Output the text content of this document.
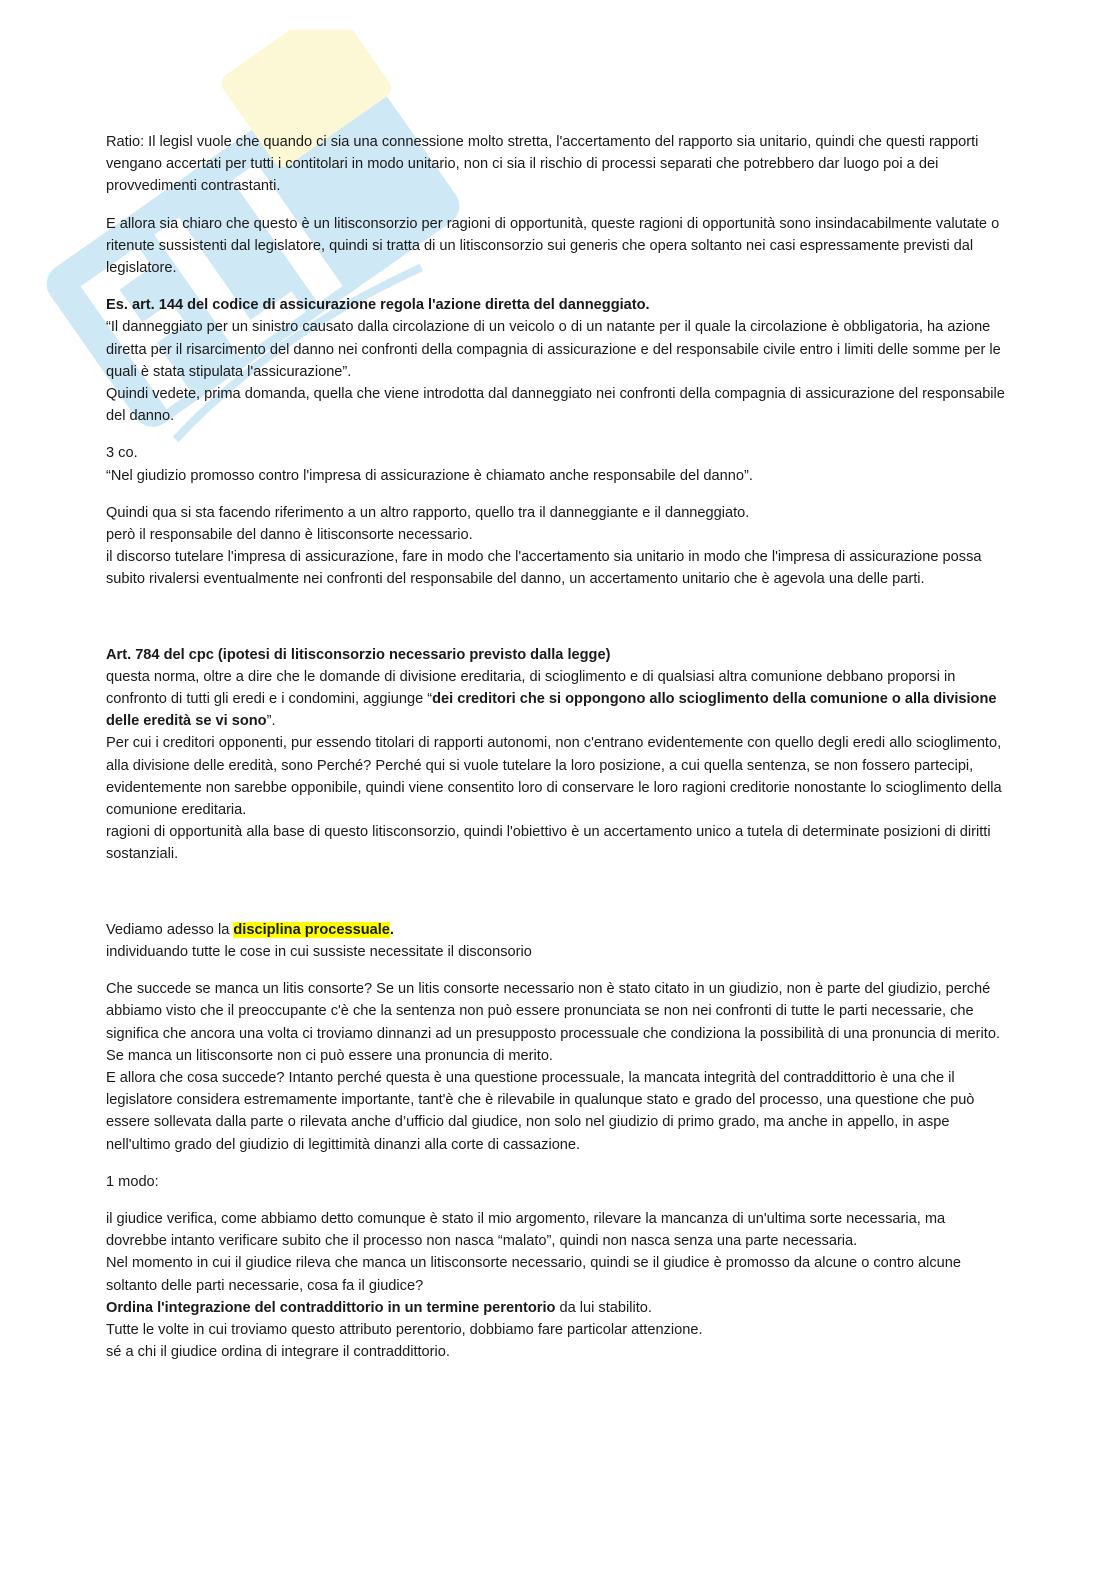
Ratio: Il legisl vuole che quando ci sia una connessione molto stretta, l'accertamento del rapporto sia unitario, quindi che questi rapporti vengano accertati per tutti i contitolari in modo unitario, non ci sia il rischio di processi separati che potrebbero dar luogo poi a dei provvedimenti contrastanti.

E allora sia chiaro che questo è un litisconsorzio per ragioni di opportunità, queste ragioni di opportunità sono insindacabilmente valutate o ritenute sussistenti dal legislatore, quindi si tratta di un litisconsorzio sui generis che opera soltanto nei casi espressamente previsti dal legislatore.

Es. art. 144 del codice di assicurazione regola l'azione diretta del danneggiato.
“Il danneggiato per un sinistro causato dalla circolazione di un veicolo o di un natante per il quale la circolazione è obbligatoria, ha azione diretta per il risarcimento del danno nei confronti della compagnia di assicurazione e del responsabile civile entro i limiti delle somme per le quali è stata stipulata l'assicurazione”.
Quindi vedete, prima domanda, quella che viene introdotta dal danneggiato nei confronti della compagnia di assicurazione del responsabile del danno.

3 co.
“Nel giudizio promosso contro l'impresa di assicurazione è chiamato anche responsabile del danno”.

Quindi qua si sta facendo riferimento a un altro rapporto, quello tra il danneggiante e il danneggiato.
però il responsabile del danno è litisconsorte necessario.
il discorso tutelare l'impresa di assicurazione, fare in modo che l'accertamento sia unitario in modo che l'impresa di assicurazione possa subito rivalersi eventualmente nei confronti del responsabile del danno, un accertamento unitario che è agevola una delle parti.

Art. 784 del cpc (ipotesi di litisconsorzio necessario previsto dalla legge)
questa norma, oltre a dire che le domande di divisione ereditaria, di scioglimento e di qualsiasi altra comunione debbano proporsi in confronto di tutti gli eredi e i condomini, aggiunge “dei creditori che si oppongono allo scioglimento della comunione o alla divisione delle eredità se vi sono”.
Per cui i creditori opponenti, pur essendo titolari di rapporti autonomi, non c'entrano evidentemente con quello degli eredi allo scioglimento, alla divisione delle eredità, sono Perché? Perché qui si vuole tutelare la loro posizione, a cui quella sentenza, se non fossero partecipi, evidentemente non sarebbe opponibile, quindi viene consentito loro di conservare le loro ragioni creditorie nonostante lo scioglimento della comunione ereditaria.
ragioni di opportunità alla base di questo litisconsorzio, quindi l'obiettivo è un accertamento unico a tutela di determinate posizioni di diritti sostanziali.

Vediamo adesso la disciplina processuale.
individuando tutte le cose in cui sussiste necessitate il disconsorio

Che succede se manca un litis consorte? Se un litis consorte necessario non è stato citato in un giudizio, non è parte del giudizio, perché abbiamo visto che il preoccupante c'è che la sentenza non può essere pronunciata se non nei confronti di tutte le parti necessarie, che significa che ancora una volta ci troviamo dinnanzi ad un presupposto processuale che condiziona la possibilità di una pronuncia di merito.
Se manca un litisconsorte non ci può essere una pronuncia di merito.
E allora che cosa succede? Intanto perché questa è una questione processuale, la mancata integrità del contraddittorio è una che il legislatore considera estremamente importante, tant'è che è rilevabile in qualunque stato e grado del processo, una questione che può essere sollevata dalla parte o rilevata anche d’ufficio dal giudice, non solo nel giudizio di primo grado, ma anche in appello, in aspe nell'ultimo grado del giudizio di legittimità dinanzi alla corte di cassazione.

1 modo:

il giudice verifica, come abbiamo detto comunque è stato il mio argomento, rilevare la mancanza di un'ultima sorte necessaria, ma dovrebbe intanto verificare subito che il processo non nasca “malato”, quindi non nasca senza una parte necessaria.
Nel momento in cui il giudice rileva che manca un litisconsorte necessario, quindi se il giudice è promosso da alcune o contro alcune soltanto delle parti necessarie, cosa fa il giudice?
Ordina l'integrazione del contraddittorio in un termine perentorio da lui stabilito.
Tutte le volte in cui troviamo questo attributo perentorio, dobbiamo fare particolar attenzione.
sé a chi il giudice ordina di integrare il contraddittorio.
